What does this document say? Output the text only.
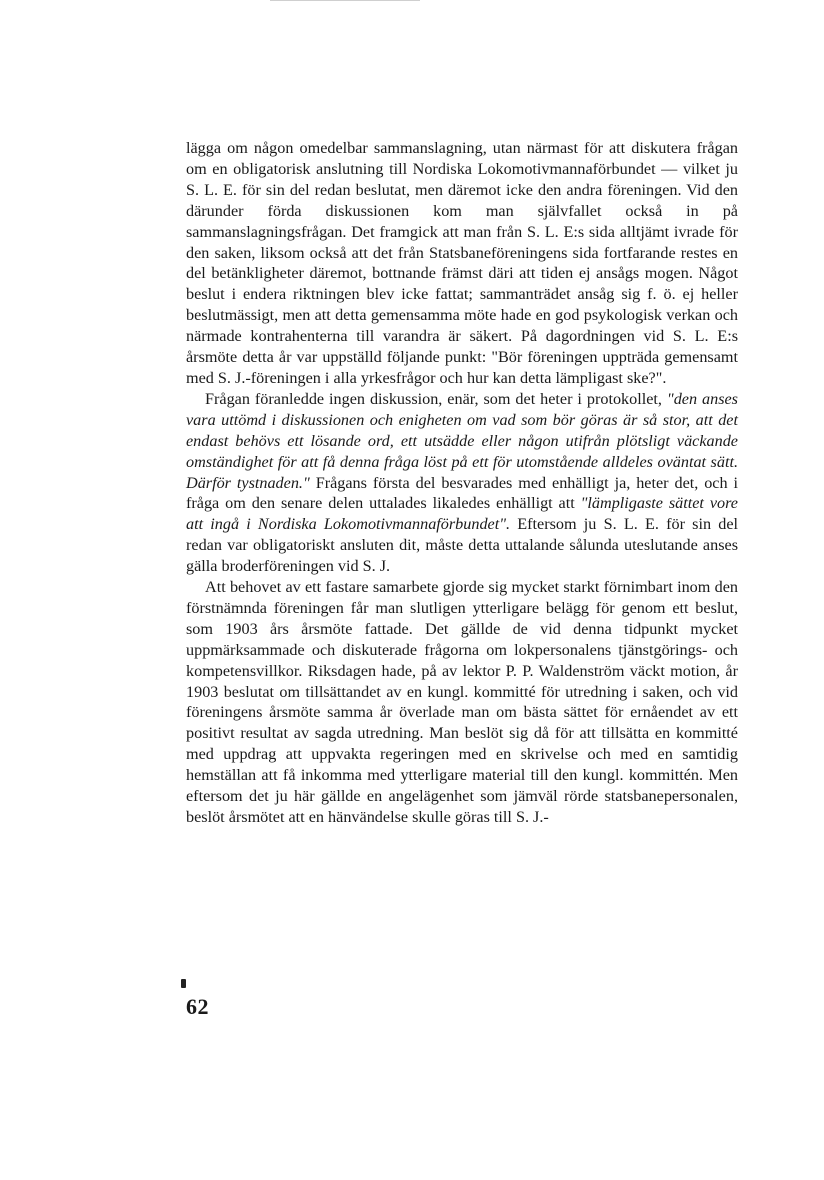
lägga om någon omedelbar sammanslagning, utan närmast för att diskutera frågan om en obligatorisk anslutning till Nordiska Lokomotivmannaförbundet — vilket ju S. L. E. för sin del redan beslutat, men däremot icke den andra föreningen. Vid den därunder förda diskussionen kom man självfallet också in på sammanslagningsfrågan. Det framgick att man från S. L. E:s sida alltjämt ivrade för den saken, liksom också att det från Statsbaneföreningens sida fortfarande restes en del betänkligheter däremot, bottnande främst däri att tiden ej ansågs mogen. Något beslut i endera riktningen blev icke fattat; sammanträdet ansåg sig f. ö. ej heller beslutmässigt, men att detta gemensamma möte hade en god psykologisk verkan och närmade kontrahenterna till varandra är säkert. På dagordningen vid S. L. E:s årsmöte detta år var uppställd följande punkt: "Bör föreningen uppträda gemensamt med S. J.-föreningen i alla yrkesfrågor och hur kan detta lämpligast ske?".

Frågan föranledde ingen diskussion, enär, som det heter i protokollet, "den anses vara uttömd i diskussionen och enigheten om vad som bör göras är så stor, att det endast behövs ett lösande ord, ett utsädde eller någon utifrån plötsligt väckande omständighet för att få denna fråga löst på ett för utomstående alldeles oväntat sätt. Därför tystnaden." Frågans första del besvarades med enhälligt ja, heter det, och i fråga om den senare delen uttalades likaledes enhälligt att "lämpligaste sättet vore att ingå i Nordiska Lokomotivmannaförbundet". Eftersom ju S. L. E. för sin del redan var obligatoriskt ansluten dit, måste detta uttalande sålunda uteslutande anses gälla broderföreningen vid S. J.

Att behovet av ett fastare samarbete gjorde sig mycket starkt förnimbart inom den förstnämnda föreningen får man slutligen ytterligare belägg för genom ett beslut, som 1903 års årsmöte fattade. Det gällde de vid denna tidpunkt mycket uppmärksammade och diskuterade frågorna om lokpersonalens tjänstgörings- och kompetensvillkor. Riksdagen hade, på av lektor P. P. Waldenström väckt motion, år 1903 beslutat om tillsättandet av en kungl. kommitté för utredning i saken, och vid föreningens årsmöte samma år överlade man om bästa sättet för ernåendet av ett positivt resultat av sagda utredning. Man beslöt sig då för att tillsätta en kommitté med uppdrag att uppvakta regeringen med en skrivelse och med en samtidig hemställan att få inkomma med ytterligare material till den kungl. kommittén. Men eftersom det ju här gällde en angelägenhet som jämväl rörde statsbanepersonalen, beslöt årsmötet att en hänvändelse skulle göras till S. J.-

62
